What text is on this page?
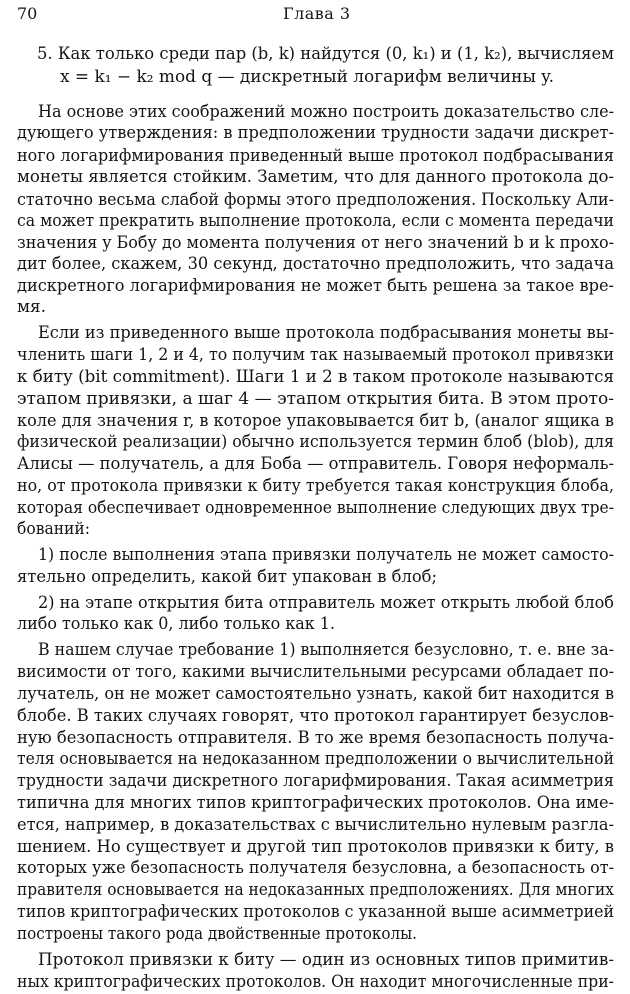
70	Глава 3
5. Как только среди пар (b, k) найдутся (0, k₁) и (1, k₂), вычисляем
x = k₁ − k₂ mod q — дискретный логарифм величины y.
На основе этих соображений можно построить доказательство сле-
дующего утверждения: в предположении трудности задачи дискрет-
ного логарифмирования приведенный выше протокол подбрасывания
монеты является стойким. Заметим, что для данного протокола до-
статочно весьма слабой формы этого предположения. Поскольку Али-
са может прекратить выполнение протокола, если с момента передачи
значения y Бобу до момента получения от него значений b и k прохо-
дит более, скажем, 30 секунд, достаточно предположить, что задача
дискретного логарифмирования не может быть решена за такое вре-
мя.
Если из приведенного выше протокола подбрасывания монеты вы-
членить шаги 1, 2 и 4, то получим так называемый протокол привязки
к биту (bit commitment). Шаги 1 и 2 в таком протоколе называются
этапом привязки, а шаг 4 — этапом открытия бита. В этом прото-
коле для значения r, в которое упаковывается бит b, (аналог ящика в
физической реализации) обычно используется термин блоб (blob), для
Алисы — получатель, а для Боба — отправитель. Говоря неформаль-
но, от протокола привязки к биту требуется такая конструкция блоба,
которая обеспечивает одновременное выполнение следующих двух тре-
бований:
1) после выполнения этапа привязки получатель не может самосто-
ятельно определить, какой бит упакован в блоб;
2) на этапе открытия бита отправитель может открыть любой блоб
либо только как 0, либо только как 1.
В нашем случае требование 1) выполняется безусловно, т. е. вне за-
висимости от того, какими вычислительными ресурсами обладает по-
лучатель, он не может самостоятельно узнать, какой бит находится в
блобе. В таких случаях говорят, что протокол гарантирует безуслов-
ную безопасность отправителя. В то же время безопасность получа-
теля основывается на недоказанном предположении о вычислительной
трудности задачи дискретного логарифмирования. Такая асимметрия
типична для многих типов криптографических протоколов. Она име-
ется, например, в доказательствах с вычислительно нулевым разгла-
шением. Но существует и другой тип протоколов привязки к биту, в
которых уже безопасность получателя безусловна, а безопасность от-
правителя основывается на недоказанных предположениях. Для многих
типов криптографических протоколов с указанной выше асимметрией
построены такого рода двойственные протоколы.
Протокол привязки к биту — один из основных типов примитив-
ных криптографических протоколов. Он находит многочисленные при-
